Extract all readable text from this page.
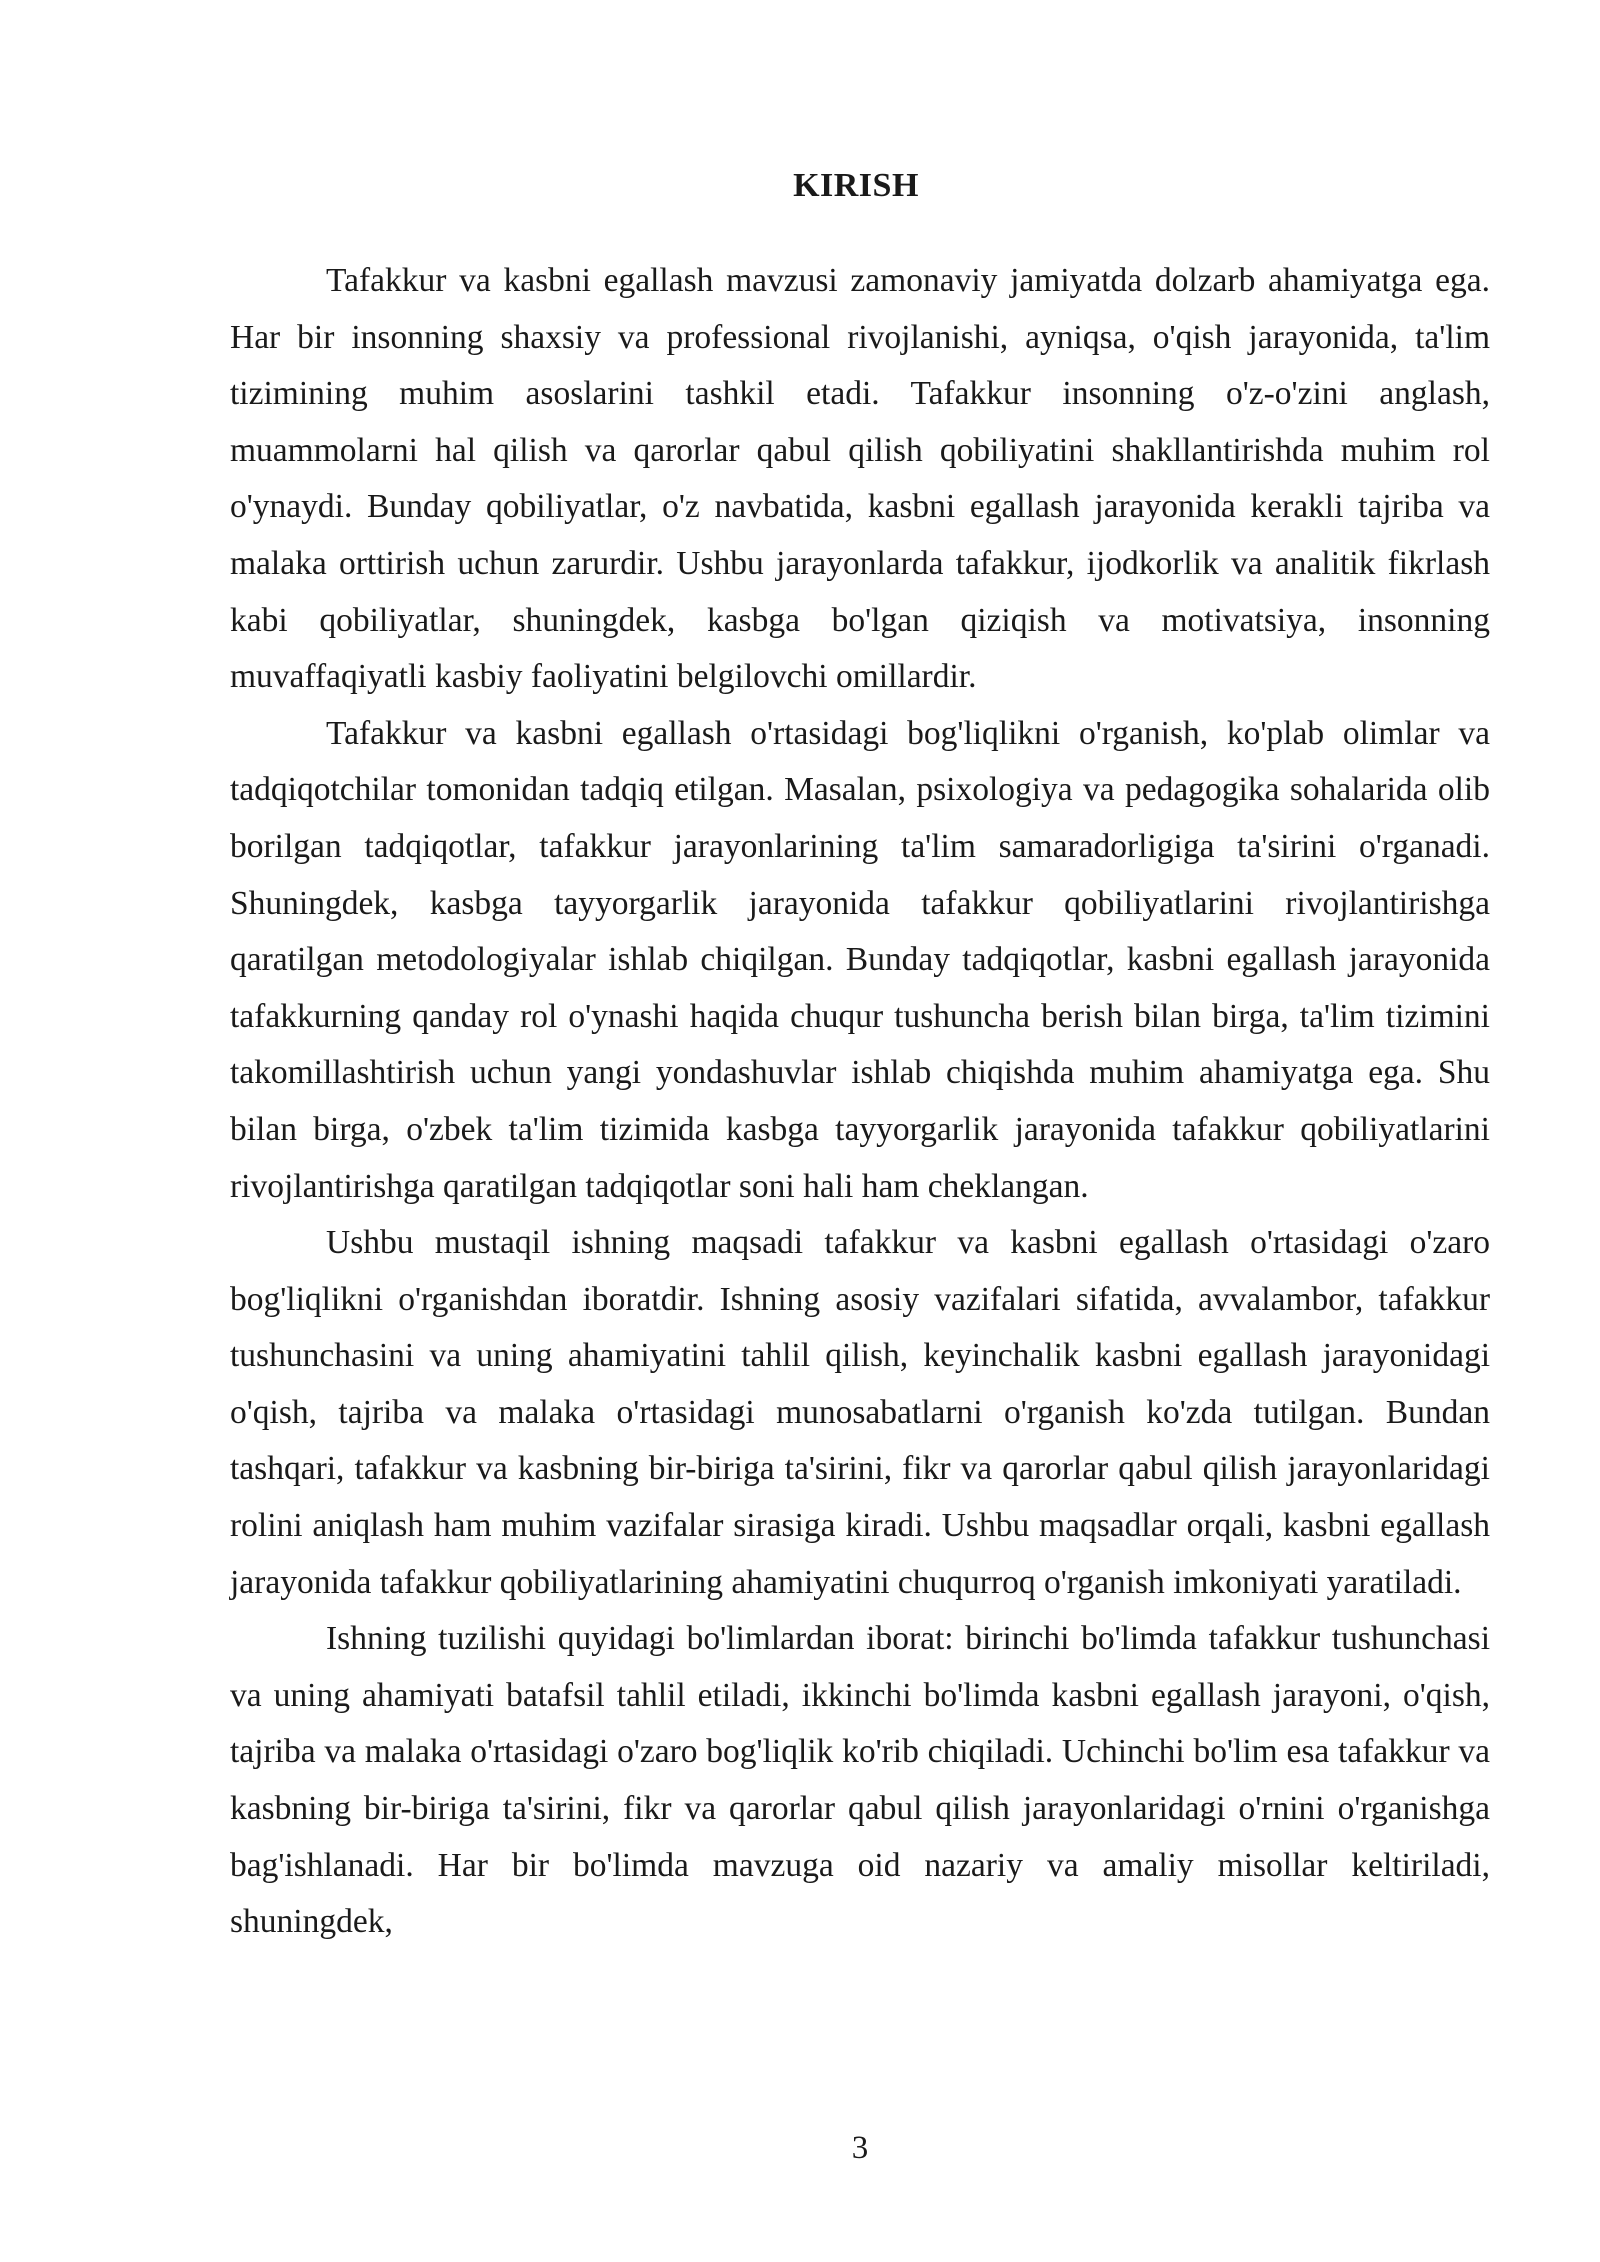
KIRISH

Tafakkur va kasbni egallash mavzusi zamonaviy jamiyatda dolzarb ahamiyatga ega. Har bir insonning shaxsiy va professional rivojlanishi, ayniqsa, o'qish jarayonida, ta'lim tizimining muhim asoslarini tashkil etadi. Tafakkur insonning o'z-o'zini anglash, muammolarni hal qilish va qarorlar qabul qilish qobiliyatini shakllantirishda muhim rol o'ynaydi. Bunday qobiliyatlar, o'z navbatida, kasbni egallash jarayonida kerakli tajriba va malaka orttirish uchun zarurdir. Ushbu jarayonlarda tafakkur, ijodkorlik va analitik fikrlash kabi qobiliyatlar, shuningdek, kasbga bo'lgan qiziqish va motivatsiya, insonning muvaffaqiyatli kasbiy faoliyatini belgilovchi omillardir.

Tafakkur va kasbni egallash o'rtasidagi bog'liqlikni o'rganish, ko'plab olimlar va tadqiqotchilar tomonidan tadqiq etilgan. Masalan, psixologiya va pedagogika sohalarida olib borilgan tadqiqotlar, tafakkur jarayonlarining ta'lim samaradorligiga ta'sirini o'rganadi. Shuningdek, kasbga tayyorgarlik jarayonida tafakkur qobiliyatlarini rivojlantirishga qaratilgan metodologiyalar ishlab chiqilgan. Bunday tadqiqotlar, kasbni egallash jarayonida tafakkurning qanday rol o'ynashi haqida chuqur tushuncha berish bilan birga, ta'lim tizimini takomillashtirish uchun yangi yondashuvlar ishlab chiqishda muhim ahamiyatga ega. Shu bilan birga, o'zbek ta'lim tizimida kasbga tayyorgarlik jarayonida tafakkur qobiliyatlarini rivojlantirishga qaratilgan tadqiqotlar soni hali ham cheklangan.

Ushbu mustaqil ishning maqsadi tafakkur va kasbni egallash o'rtasidagi o'zaro bog'liqlikni o'rganishdan iboratdir. Ishning asosiy vazifalari sifatida, avvalambor, tafakkur tushunchasini va uning ahamiyatini tahlil qilish, keyinchalik kasbni egallash jarayonidagi o'qish, tajriba va malaka o'rtasidagi munosabatlarni o'rganish ko'zda tutilgan. Bundan tashqari, tafakkur va kasbning bir-biriga ta'sirini, fikr va qarorlar qabul qilish jarayonlaridagi rolini aniqlash ham muhim vazifalar sirasiga kiradi. Ushbu maqsadlar orqali, kasbni egallash jarayonida tafakkur qobiliyatlarining ahamiyatini chuqurroq o'rganish imkoniyati yaratiladi.

Ishning tuzilishi quyidagi bo'limlardan iborat: birinchi bo'limda tafakkur tushunchasi va uning ahamiyati batafsil tahlil etiladi, ikkinchi bo'limda kasbni egallash jarayoni, o'qish, tajriba va malaka o'rtasidagi o'zaro bog'liqlik ko'rib chiqiladi. Uchinchi bo'lim esa tafakkur va kasbning bir-biriga ta'sirini, fikr va qarorlar qabul qilish jarayonlaridagi o'rnini o'rganishga bag'ishlanadi. Har bir bo'limda mavzuga oid nazariy va amaliy misollar keltiriladi, shuningdek,

3
